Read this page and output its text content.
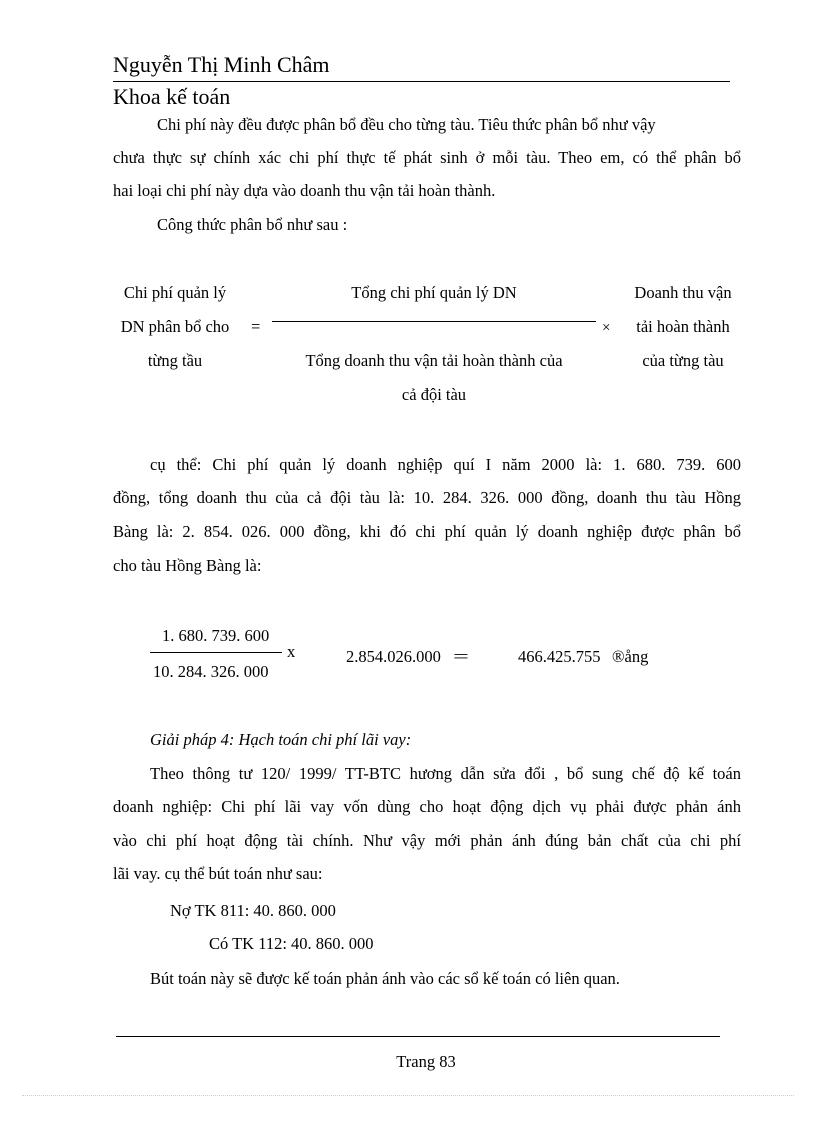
Nguyễn Thị Minh Châm
Khoa kế toán
Chi phí này đều được phân bổ đều cho từng tàu. Tiêu thức phân bổ như vậy
chưa thực sự chính xác chi phí thực tế phát sinh ở mỗi tàu. Theo em, có thể phân bổ
hai loại chi phí này dựa vào doanh thu vận tải hoàn thành.
Công thức phân bổ như sau :
Chi phí quản lý
DN phân bổ cho
từng tầu
=
Tổng chi phí quản lý DN
Tổng doanh thu vận tải hoàn thành của
cả đội tàu
×
Doanh thu vận
tải hoàn thành
của từng tàu
cụ thể: Chi phí quản lý doanh nghiệp quí I năm 2000 là: 1. 680. 739. 600
đồng, tổng doanh thu của cả đội tàu là: 10. 284. 326. 000 đồng, doanh thu tàu Hồng
Bàng là: 2. 854. 026. 000 đồng, khi đó chi phí quản lý doanh nghiệp được phân bổ
cho tàu Hồng Bàng là:
1. 680. 739. 600
10. 284. 326. 000
x	2.854.026.000 =	466.425.755 ®ång
Giải pháp 4: Hạch toán chi phí lãi vay:
Theo thông tư 120/ 1999/ TT-BTC hương dẫn sửa đổi , bổ sung chế độ kế toán
doanh nghiệp: Chi phí lãi vay vốn dùng cho hoạt động dịch vụ phải được phản ánh
vào chi phí hoạt động tài chính. Như vậy mới phản ánh đúng bản chất của chi phí
lãi vay. cụ thể bút toán như sau:
Nợ TK 811: 40. 860. 000
Có TK 112: 40. 860. 000
Bút toán này sẽ được kế toán phản ánh vào các sổ kế toán có liên quan.
Trang 83
